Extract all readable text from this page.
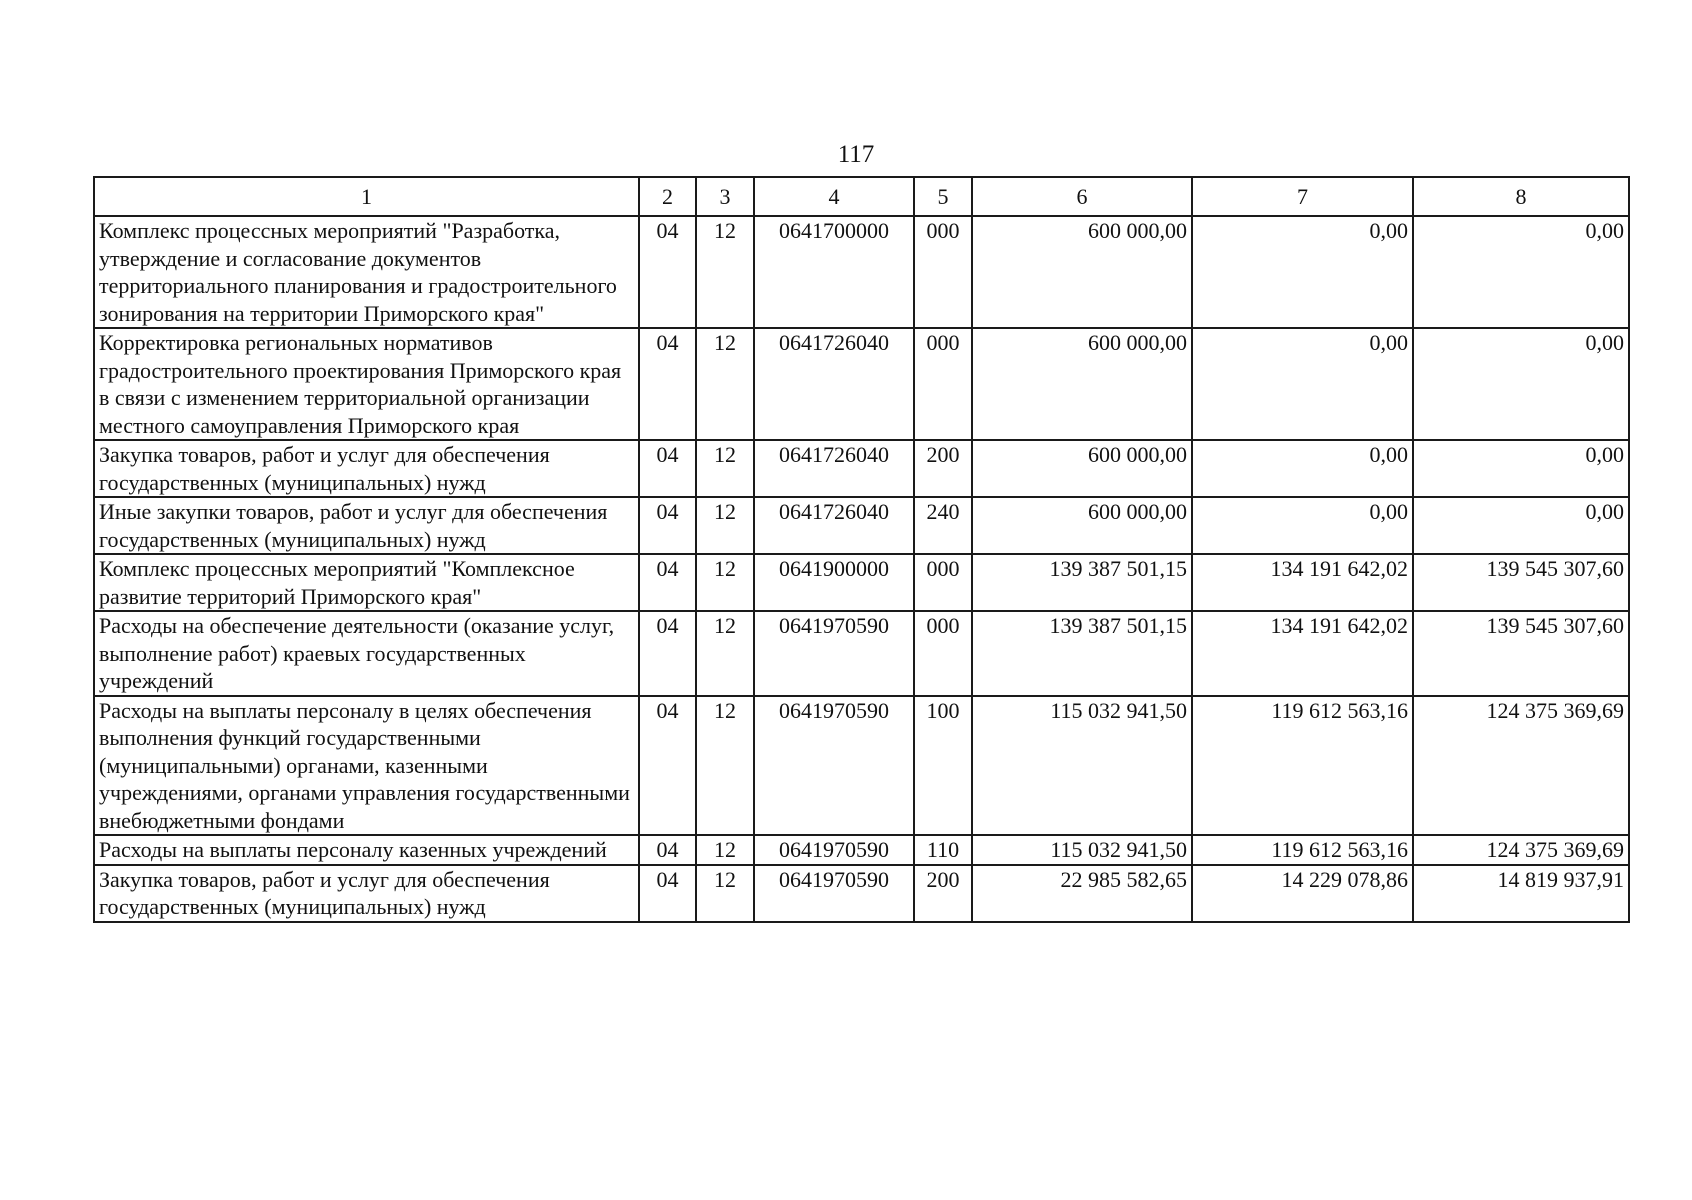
117
1	2	3	4	5	6	7	8
Комплекс процессных мероприятий "Разработка, утверждение и согласование документов территориального планирования и градостроительного зонирования на территории Приморского края"	04	12	0641700000	000	600 000,00	0,00	0,00
Корректировка региональных нормативов градостроительного проектирования Приморского края в связи с изменением территориальной организации местного самоуправления Приморского края	04	12	0641726040	000	600 000,00	0,00	0,00
Закупка товаров, работ и услуг для обеспечения государственных (муниципальных) нужд	04	12	0641726040	200	600 000,00	0,00	0,00
Иные закупки товаров, работ и услуг для обеспечения государственных (муниципальных) нужд	04	12	0641726040	240	600 000,00	0,00	0,00
Комплекс процессных мероприятий "Комплексное развитие территорий Приморского края"	04	12	0641900000	000	139 387 501,15	134 191 642,02	139 545 307,60
Расходы на обеспечение деятельности (оказание услуг, выполнение работ) краевых государственных учреждений	04	12	0641970590	000	139 387 501,15	134 191 642,02	139 545 307,60
Расходы на выплаты персоналу в целях обеспечения выполнения функций государственными (муниципальными) органами, казенными учреждениями, органами управления государственными внебюджетными фондами	04	12	0641970590	100	115 032 941,50	119 612 563,16	124 375 369,69
Расходы на выплаты персоналу казенных учреждений	04	12	0641970590	110	115 032 941,50	119 612 563,16	124 375 369,69
Закупка товаров, работ и услуг для обеспечения государственных (муниципальных) нужд	04	12	0641970590	200	22 985 582,65	14 229 078,86	14 819 937,91
